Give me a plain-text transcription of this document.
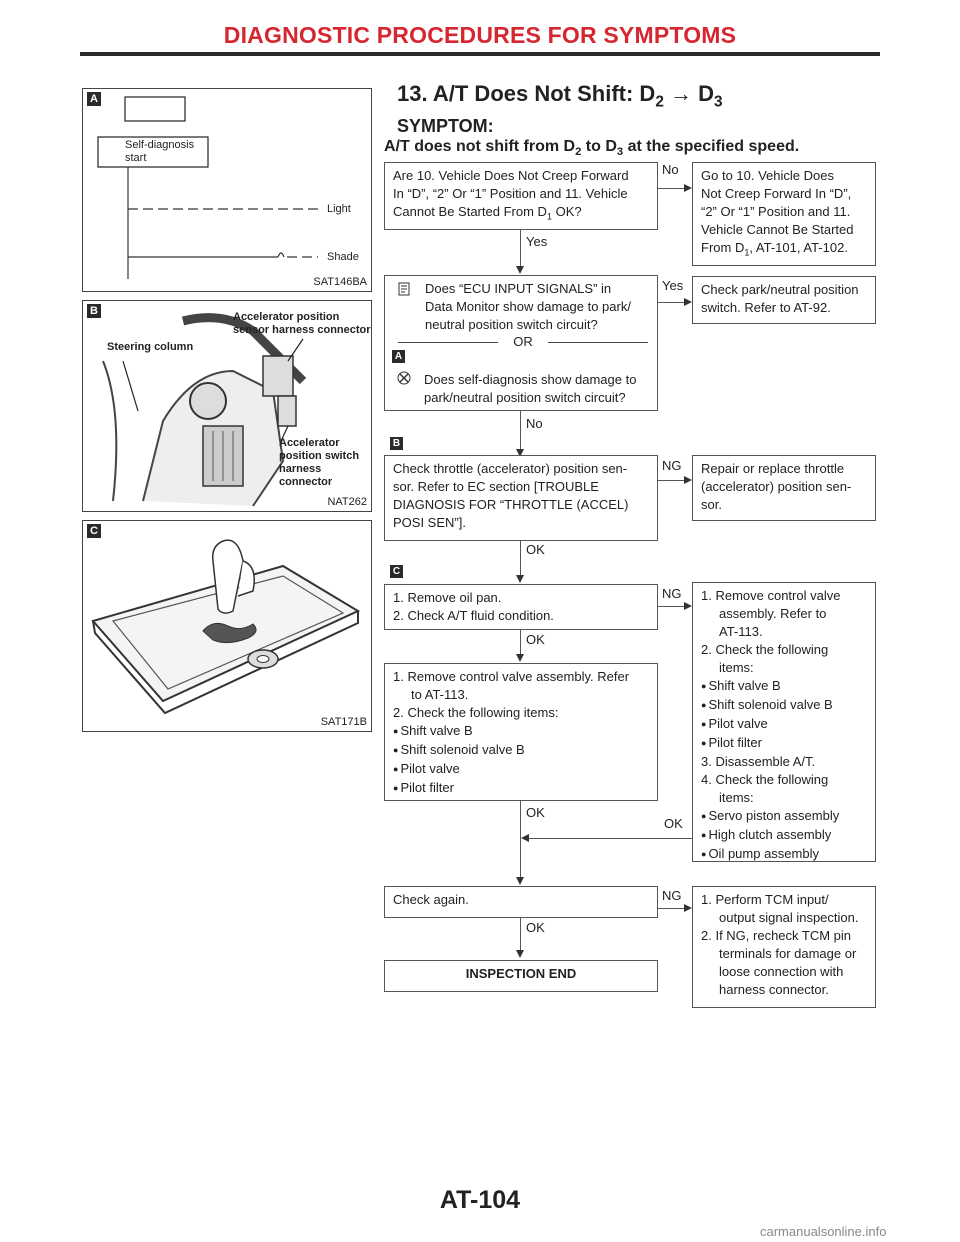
DIAGNOSTIC PROCEDURES FOR SYMPTOMS
A
Self-diagnosis
start
Light
Shade
SAT146BA
B	Accelerator position
sensor harness connector
Steering column
Accelerator
position switch
harness connector
NAT262
C
SAT171B
13. A/T Does Not Shift: $D_2 \to D_3$
SYMPTOM:
A/T does not shift from $D_2$ to $D_3$ at the specified speed.
Are 10. Vehicle Does Not Creep Forward
In “D”, “2” Or “1” Position and 11. Vehicle
Cannot Be Started From $D_1$ OK?
No Go to 10. Vehicle Does
Not Creep Forward In “D”,
“2” Or “1” Position and 11.
Vehicle Cannot Be Started
From $D_1$, AT-101, AT-102.
Yes
Does “ECU INPUT SIGNALS” in
Data Monitor show damage to park/
neutral position switch circuit?
OR
Does self-diagnosis show damage to
park/neutral position switch circuit?
A
Yes Check park/neutral position
switch. Refer to AT-92.
No
B
Check throttle (accelerator) position sen-
sor. Refer to EC section [TROUBLE
DIAGNOSIS FOR “THROTTLE (ACCEL)
POSI SEN”].
NG Repair or replace throttle
(accelerator) position sen-
sor.
OK
C
1. Remove oil pan.
2. Check A/T fluid condition.
NG 1. Remove control valve
assembly. Refer to
AT-113.
2. Check the following
items:
● Shift valve B
● Shift solenoid valve B
● Pilot valve
● Pilot filter
3. Disassemble A/T.
4. Check the following
items:
● Servo piston assembly
● High clutch assembly
● Oil pump assembly
OK
1. Remove control valve assembly. Refer
to AT-113.
2. Check the following items:
● Shift valve B
● Shift solenoid valve B
● Pilot valve
● Pilot filter
OK
OK
Check again.	NG 1. Perform TCM input/
output signal inspection.
2. If NG, recheck TCM pin
terminals for damage or
loose connection with
harness connector.
OK
INSPECTION END
AT-104
carmanualsonline.info
